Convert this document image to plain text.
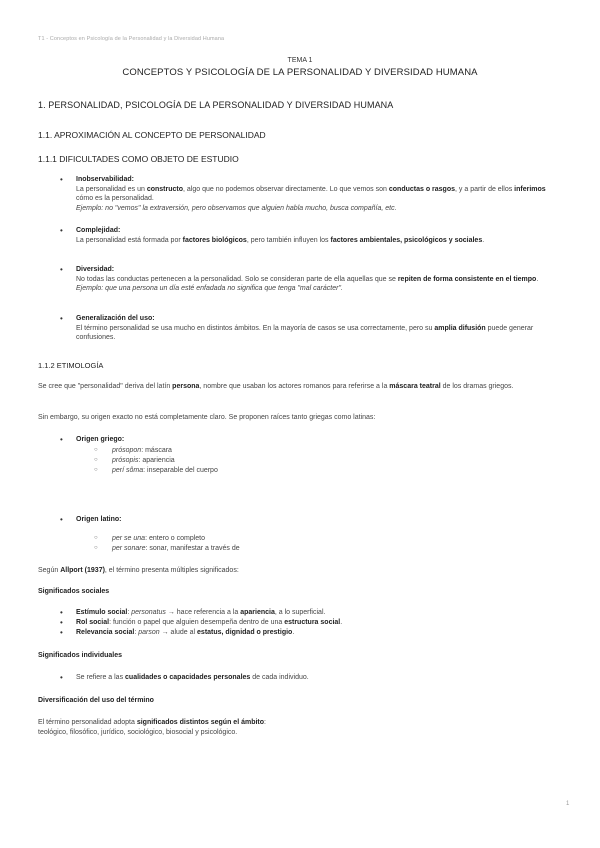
T1 - Conceptos en Psicología de la Personalidad y la Diversidad Humana
TEMA 1
CONCEPTOS Y PSICOLOGÍA DE LA PERSONALIDAD Y DIVERSIDAD HUMANA
1. PERSONALIDAD, PSICOLOGÍA DE LA PERSONALIDAD Y DIVERSIDAD HUMANA
1.1. APROXIMACIÓN AL CONCEPTO DE PERSONALIDAD
1.1.1 DIFICULTADES COMO OBJETO DE ESTUDIO
•	Inobservabilidad:
La personalidad es un constructo, algo que no podemos observar directamente. Lo que vemos son conductas o rasgos, y a partir de ellos inferimos cómo es la personalidad.
Ejemplo: no "vemos" la extraversión, pero observamos que alguien habla mucho, busca compañía, etc.
•	Complejidad:
La personalidad está formada por factores biológicos, pero también influyen los factores ambientales, psicológicos y sociales.
•	Diversidad:
No todas las conductas pertenecen a la personalidad. Solo se consideran parte de ella aquellas que se repiten de forma consistente en el tiempo.
Ejemplo: que una persona un día esté enfadada no significa que tenga "mal carácter".
•	Generalización del uso:
El término personalidad se usa mucho en distintos ámbitos. En la mayoría de casos se usa correctamente, pero su amplia difusión puede generar confusiones.
1.1.2 ETIMOLOGÍA
Se cree que "personalidad" deriva del latín persona, nombre que usaban los actores romanos para referirse a la máscara teatral de los dramas griegos.
Sin embargo, su origen exacto no está completamente claro. Se proponen raíces tanto griegas como latinas:
•	Origen griego:
○ prósopon: máscara
○ prósopis: apariencia
○ perí sôma: inseparable del cuerpo
•	Origen latino:
○ per se una: entero o completo
○ per sonare: sonar, manifestar a través de
Según Allport (1937), el término presenta múltiples significados:
Significados sociales
•	Estímulo social: personatus → hace referencia a la apariencia, a lo superficial.
•	Rol social: función o papel que alguien desempeña dentro de una estructura social.
•	Relevancia social: parson → alude al estatus, dignidad o prestigio.
Significados individuales
•	Se refiere a las cualidades o capacidades personales de cada individuo.
Diversificación del uso del término
El término personalidad adopta significados distintos según el ámbito:
teológico, filosófico, jurídico, sociológico, biosocial y psicológico.
1
